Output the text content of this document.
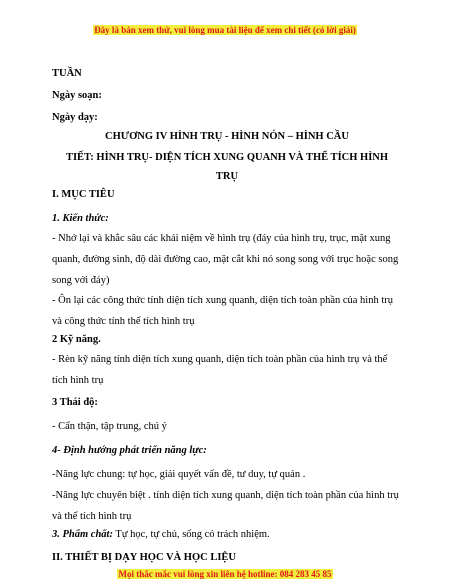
Đây là bản xem thử, vui lòng mua tài liệu để xem chi tiết (có lời giải)
TUẦN
Ngày soạn:
Ngày dạy:
CHƯƠNG IV HÌNH TRỤ - HÌNH NÓN – HÌNH CẦU
TIẾT: HÌNH TRỤ- DIỆN TÍCH XUNG QUANH VÀ THỂ TÍCH HÌNH
TRỤ
I. MỤC TIÊU
1. Kiến thức:
- Nhớ lại và khắc sâu các khái niệm về hình trụ (đáy của hình trụ, trục, mặt xung quanh, đường sinh, độ dài đường cao, mặt cắt khi nó song song với trục hoặc song song với đáy)
- Ôn lại các công thức tính diện tích xung quanh, diện tích toàn phần của hình trụ và công thức tính thể tích hình trụ
2 Kỹ năng.
- Rèn kỹ năng tính diện tích xung quanh, diện tích toàn phần của hình trụ và thể tích hình trụ
3 Thái độ:
- Cẩn thận, tập trung, chú ý
4- Định hướng phát triển năng lực:
-Năng lực chung: tự học, giải quyết vấn đề, tư duy, tự quản .
-Năng lực chuyên biệt . tính diện tích xung quanh, diện tích toàn phần của hình trụ và thể tích hình trụ
3. Phẩm chất: Tự học, tự chủ, sống có trách nhiệm.
II. THIẾT BỊ DẠY HỌC VÀ HỌC LIỆU
Mọi thắc mắc vui lòng xin liên hệ hotline: 084 283 45 85
